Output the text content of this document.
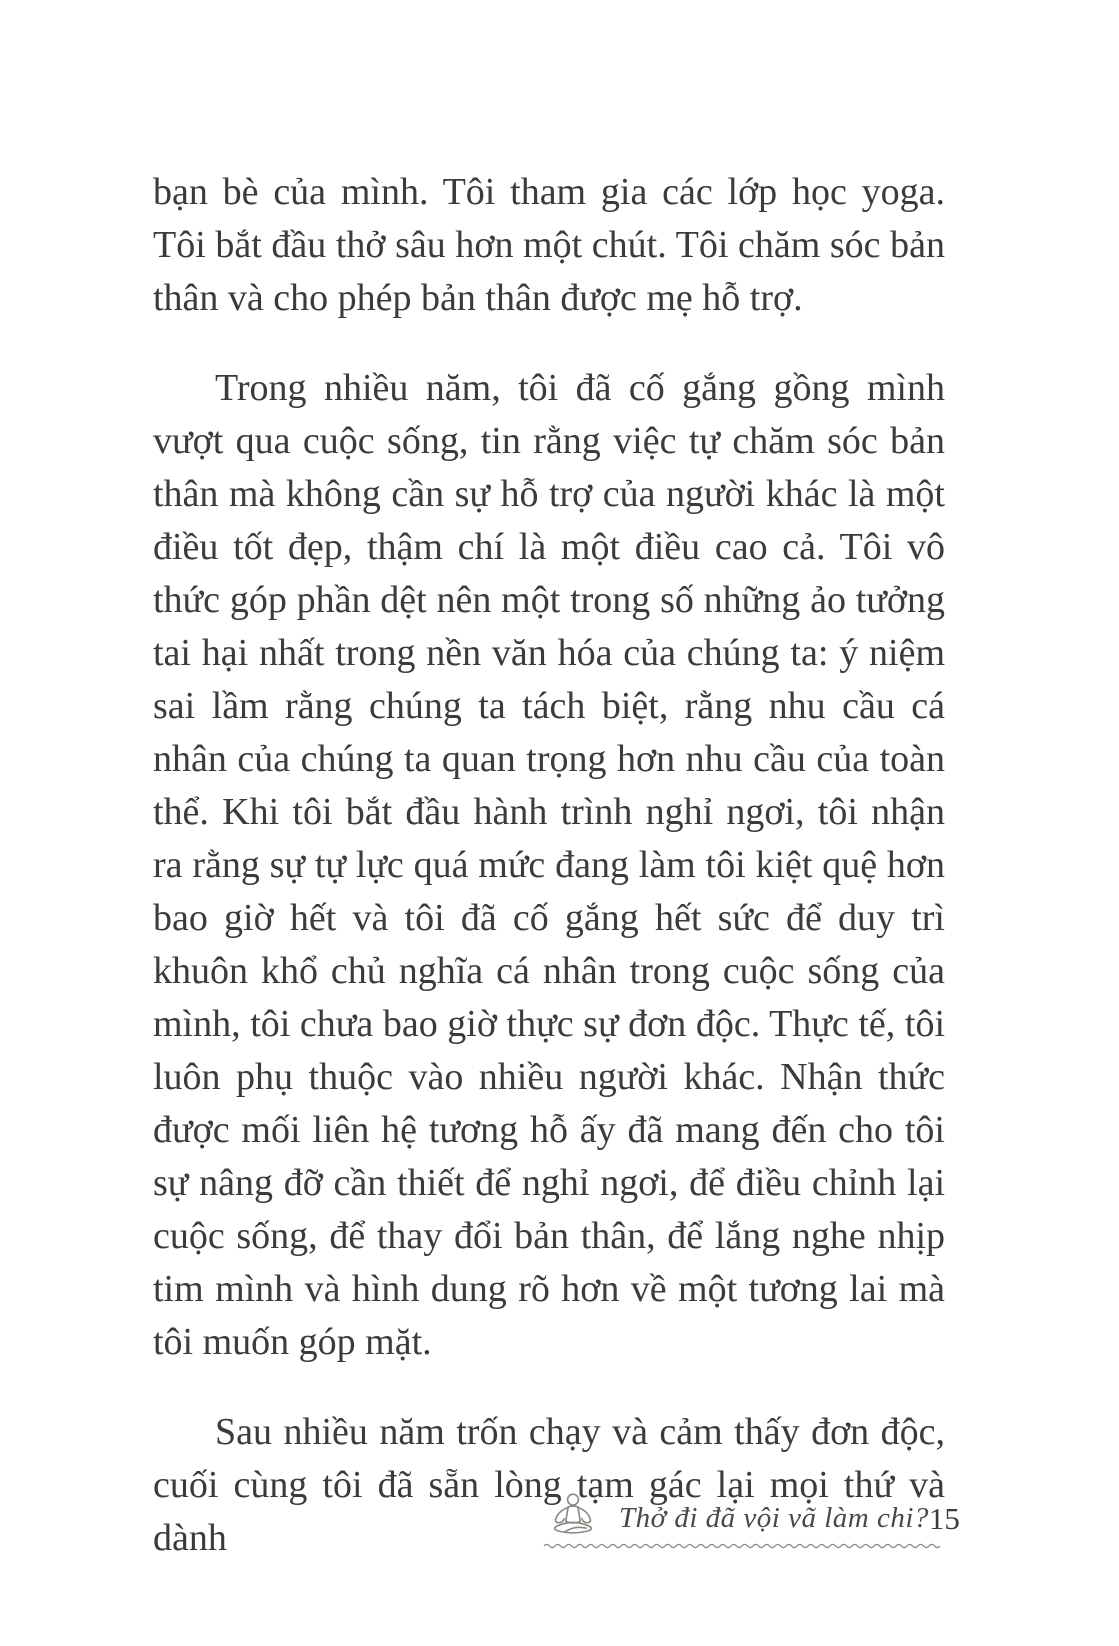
bạn bè của mình. Tôi tham gia các lớp học yoga. Tôi bắt đầu thở sâu hơn một chút. Tôi chăm sóc bản thân và cho phép bản thân được mẹ hỗ trợ.

Trong nhiều năm, tôi đã cố gắng gồng mình vượt qua cuộc sống, tin rằng việc tự chăm sóc bản thân mà không cần sự hỗ trợ của người khác là một điều tốt đẹp, thậm chí là một điều cao cả. Tôi vô thức góp phần dệt nên một trong số những ảo tưởng tai hại nhất trong nền văn hóa của chúng ta: ý niệm sai lầm rằng chúng ta tách biệt, rằng nhu cầu cá nhân của chúng ta quan trọng hơn nhu cầu của toàn thể. Khi tôi bắt đầu hành trình nghỉ ngơi, tôi nhận ra rằng sự tự lực quá mức đang làm tôi kiệt quệ hơn bao giờ hết và tôi đã cố gắng hết sức để duy trì khuôn khổ chủ nghĩa cá nhân trong cuộc sống của mình, tôi chưa bao giờ thực sự đơn độc. Thực tế, tôi luôn phụ thuộc vào nhiều người khác. Nhận thức được mối liên hệ tương hỗ ấy đã mang đến cho tôi sự nâng đỡ cần thiết để nghỉ ngơi, để điều chỉnh lại cuộc sống, để thay đổi bản thân, để lắng nghe nhịp tim mình và hình dung rõ hơn về một tương lai mà tôi muốn góp mặt.

Sau nhiều năm trốn chạy và cảm thấy đơn độc, cuối cùng tôi đã sẵn lòng tạm gác lại mọi thứ và dành	Thở đi đã vội vã làm chi? 15
